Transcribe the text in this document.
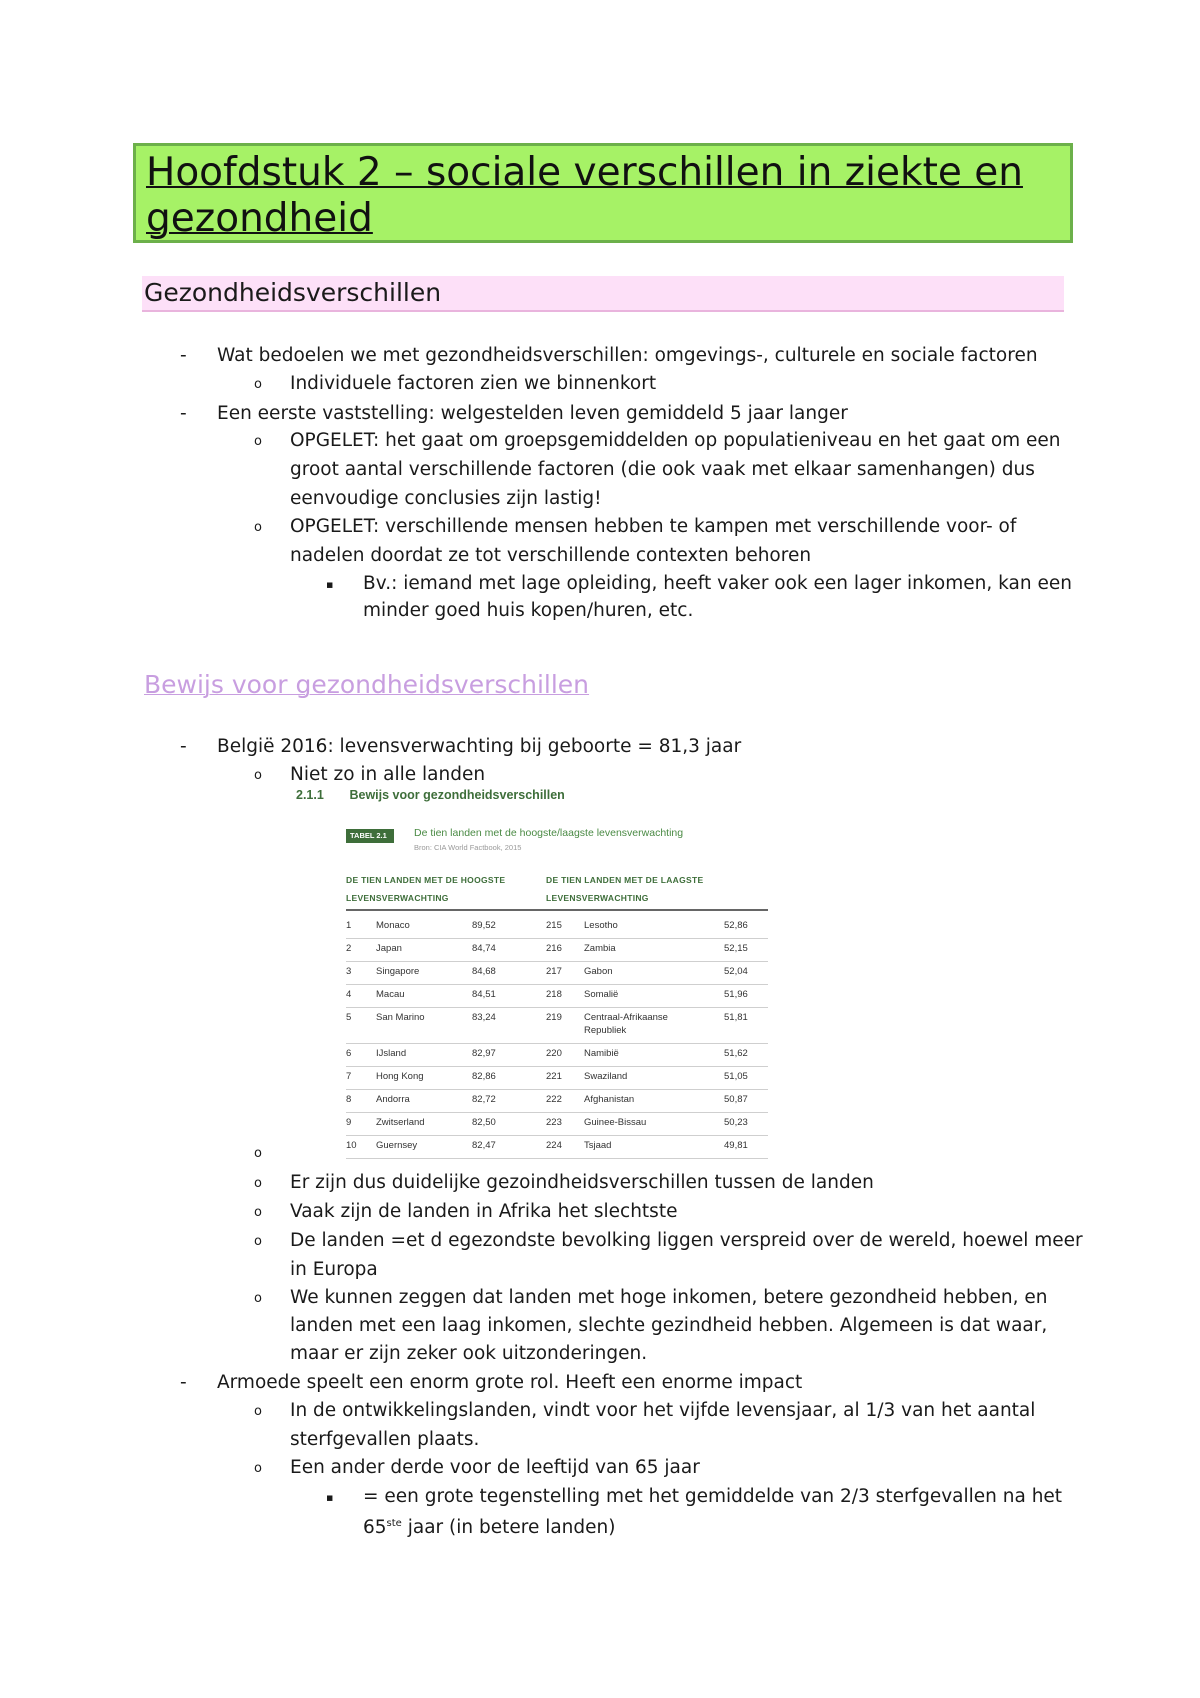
Hoofdstuk 2 – sociale verschillen in ziekte en gezondheid
Gezondheidsverschillen
- Wat bedoelen we met gezondheidsverschillen: omgevings-, culturele en sociale factoren
o Individuele factoren zien we binnenkort
- Een eerste vaststelling: welgestelden leven gemiddeld 5 jaar langer
o OPGELET: het gaat om groepsgemiddelden op populatieniveau en het gaat om een
groot aantal verschillende factoren (die ook vaak met elkaar samenhangen) dus
eenvoudige conclusies zijn lastig!
o OPGELET: verschillende mensen hebben te kampen met verschillende voor- of
nadelen doordat ze tot verschillende contexten behoren
▪ Bv.: iemand met lage opleiding, heeft vaker ook een lager inkomen, kan een
minder goed huis kopen/huren, etc.
Bewijs voor gezondheidsverschillen
- België 2016: levensverwachting bij geboorte = 81,3 jaar
o Niet zo in alle landen
2.1.1 Bewijs voor gezondheidsverschillen
TABEL 2.1	De tien landen met de hoogste/laagste levensverwachting
Bron: CIA World Factbook, 2015
DE TIEN LANDEN MET DE HOOGSTE
LEVENSVERWACHTING
DE TIEN LANDEN MET DE LAAGSTE
LEVENSVERWACHTING
1	Monaco	89,52	215 Lesotho	52,86
2	Japan	84,74	216 Zambia	52,15
3	Singapore	84,68	217 Gabon	52,04
4	Macau	84,51	218 Somalië	51,96
5	San Marino	83,24	219 Centraal-Afrikaanse	51,81
Republiek
6	IJsland	82,97	220 Namibië	51,62
7	Hong Kong	82,86	221 Swaziland	51,05
8	Andorra	82,72	222 Afghanistan	50,87
9	Zwitserland	82,50	223 Guinee-Bissau	50,23
10 Guernsey	82,47	224 Tsjaad	49,81
o
o Er zijn dus duidelijke gezoindheidsverschillen tussen de landen
o Vaak zijn de landen in Afrika het slechtste
o De landen =et d egezondste bevolking liggen verspreid over de wereld, hoewel meer
in Europa
o We kunnen zeggen dat landen met hoge inkomen, betere gezondheid hebben, en
landen met een laag inkomen, slechte gezindheid hebben. Algemeen is dat waar,
maar er zijn zeker ook uitzonderingen.
- Armoede speelt een enorm grote rol. Heeft een enorme impact
o In de ontwikkelingslanden, vindt voor het vijfde levensjaar, al 1/3 van het aantal
sterfgevallen plaats.
o Een ander derde voor de leeftijd van 65 jaar
▪ = een grote tegenstelling met het gemiddelde van 2/3 sterfgevallen na het
65ste jaar (in betere landen)
